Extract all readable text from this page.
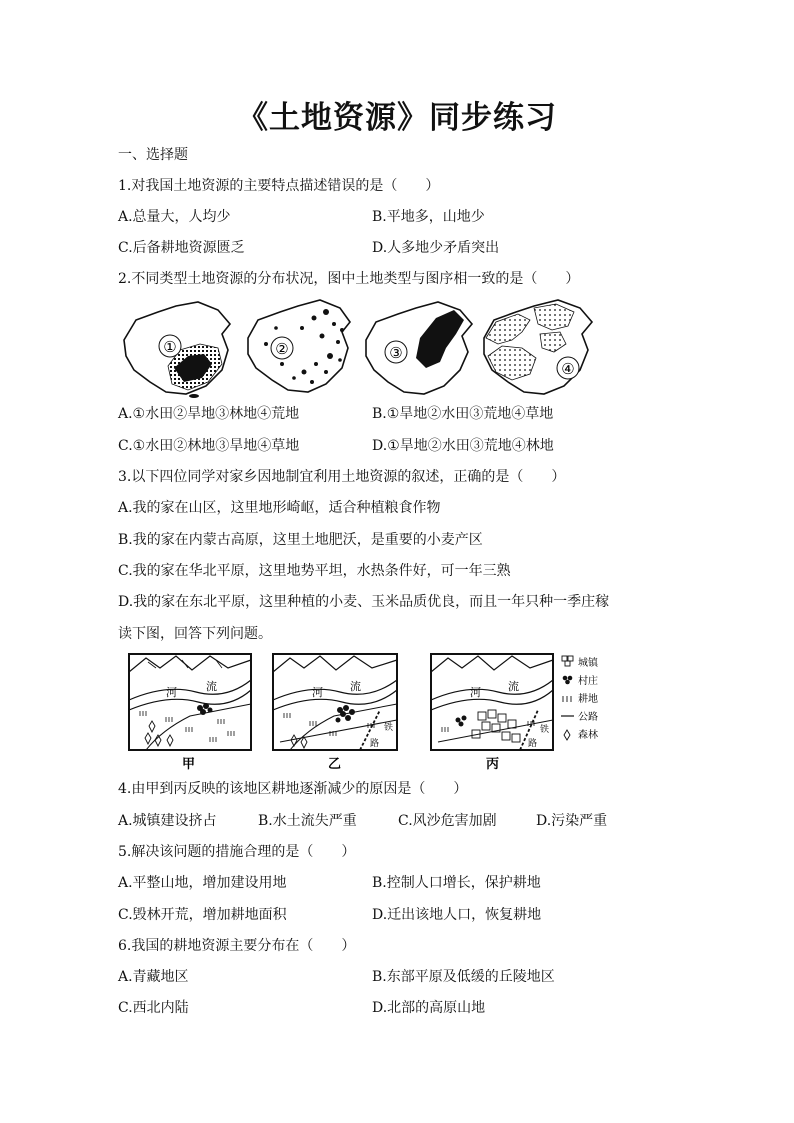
《土地资源》同步练习
一、选择题
1.对我国土地资源的主要特点描述错误的是（　　）
A.总量大，人均少	B.平地多，山地少
C.后备耕地资源匮乏	D.人多地少矛盾突出
2.不同类型土地资源的分布状况，图中土地类型与图序相一致的是（　　）
①	②	③
④
A.①水田②旱地③林地④荒地	B.①旱地②水田③荒地④草地
C.①水田②林地③旱地④草地	D.①旱地②水田③荒地④林地
3.以下四位同学对家乡因地制宜利用土地资源的叙述，正确的是（　　）
A.我的家在山区，这里地形崎岖，适合种植粮食作物
B.我的家在内蒙古高原，这里土地肥沃，是重要的小麦产区
C.我的家在华北平原，这里地势平坦，水热条件好，可一年三熟
D.我的家在东北平原，这里种植的小麦、玉米品质优良，而且一年只种一季庄稼
读下图，回答下列问题。
河	流
甲
河 流
铁
路
乙
河 流
铁
路
丙
城镇
村庄
耕地
公路
森林
4.由甲到丙反映的该地区耕地逐渐减少的原因是（　　）
A.城镇建设挤占	B.水土流失严重	C.风沙危害加剧	D.污染严重
5.解决该问题的措施合理的是（　　）
A.平整山地，增加建设用地	B.控制人口增长，保护耕地
C.毁林开荒，增加耕地面积	D.迁出该地人口，恢复耕地
6.我国的耕地资源主要分布在（　　）
A.青藏地区	B.东部平原及低缓的丘陵地区
C.西北内陆	D.北部的高原山地
